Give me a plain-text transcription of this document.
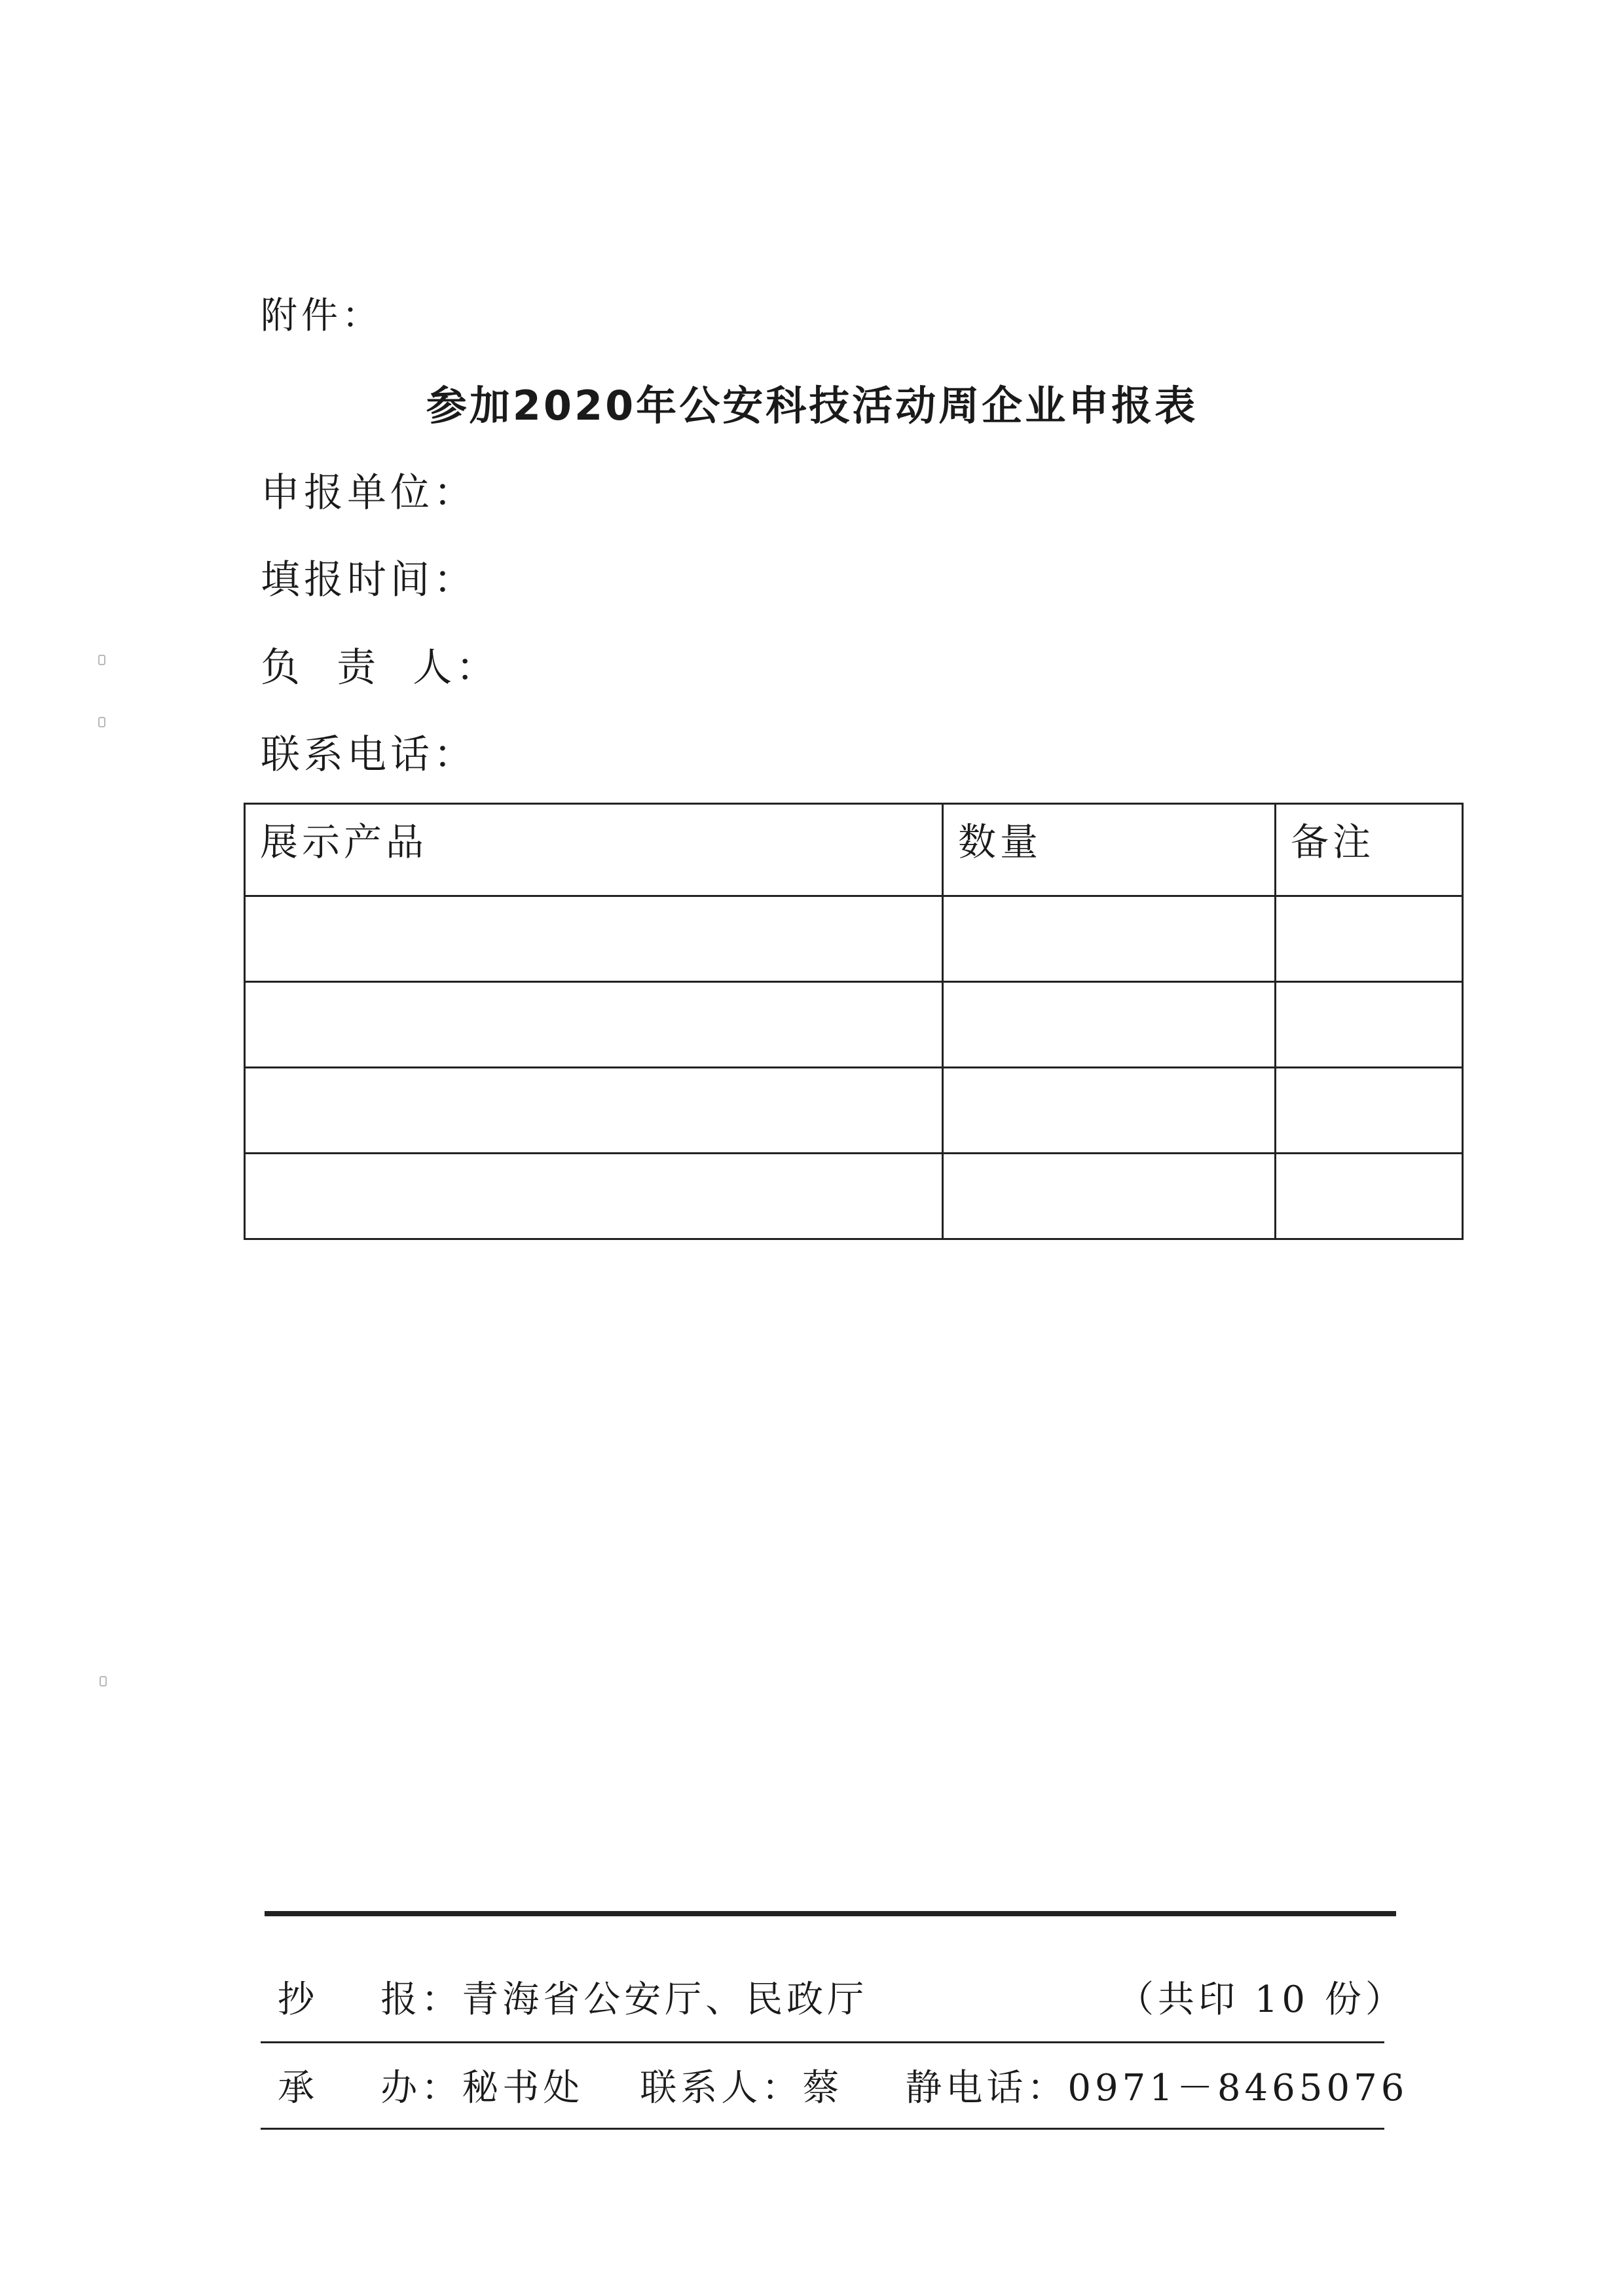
附件：
参加2020年公安科技活动周企业申报表
申报单位：
填报时间：
负  责  人：
联系电话：
展示产品	数量	备注

抄    报：青海省公安厅、民政厅	（共印 10 份）
承    办：秘书处 联系人：蔡    静电话：0971－8465076
